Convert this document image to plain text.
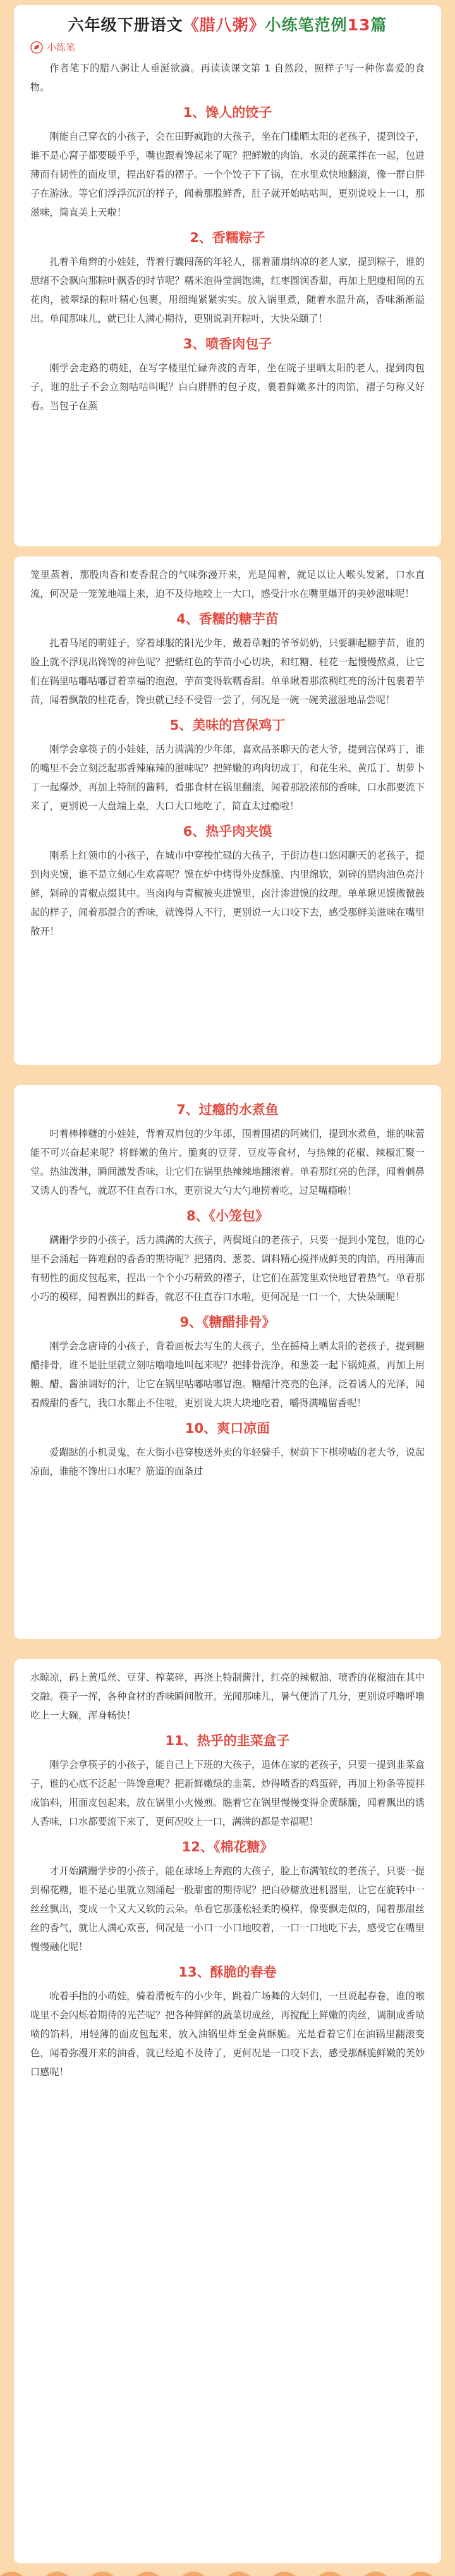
六年级下册语文《腊八粥》小练笔范例13篇
小练笔

作者笔下的腊八粥让人垂涎欲滴。再读读课文第 1 自然段，照样子写一种你喜爱的食物。

1、馋人的饺子

刚能自己穿衣的小孩子，会在田野疯跑的大孩子，坐在门槛晒太阳的老孩子，提到饺子，谁不是心窝子都要暖乎乎，嘴也跟着馋起来了呢？把鲜嫩的肉馅、水灵的蔬菜拌在一起，包进薄而有韧性的面皮里，捏出好看的褶子。一个个饺子下了锅，在水里欢快地翻滚，像一群白胖子在游泳。等它们浮浮沉沉的样子，闻着那股鲜香，肚子就开始咕咕叫，更别说咬上一口，那滋味，简直美上天啦！

2、香糯粽子

扎着羊角辫的小娃娃，背着行囊闯荡的年轻人，摇着蒲扇纳凉的老人家，提到粽子，谁的思绪不会飘向那粽叶飘香的时节呢？糯米泡得莹润饱满，红枣圆润香甜，再加上肥瘦相间的五花肉，被翠绿的粽叶精心包裹，用细绳紧紧实实。放入锅里煮，随着水温升高，香味渐渐溢出。单闻那味儿，就已让人满心期待，更别说剥开粽叶，大快朵颐了！

3、喷香肉包子

刚学会走路的萌娃，在写字楼里忙碌奔波的青年，坐在院子里晒太阳的老人，提到肉包子，谁的肚子不会立刻咕咕叫呢？白白胖胖的包子皮，裹着鲜嫩多汁的肉馅，褶子匀称又好看。当包子在蒸

笼里蒸着，那股肉香和麦香混合的气味弥漫开来，光是闻着，就足以让人喉头发紧，口水直流，何况是一笼笼地端上来，迫不及待地咬上一大口，感受汁水在嘴里爆开的美妙滋味呢！

4、香糯的糖芋苗

扎着马尾的萌娃子，穿着球服的阳光少年，戴着草帽的爷爷奶奶，只要聊起糖芋苗，谁的脸上就不浮现出馋馋的神色呢？把紫红色的芋苗小心切块，和红糖、桂花一起慢慢熬煮，让它们在锅里咕嘟咕嘟冒着幸福的泡泡，芋苗变得软糯香甜。单单瞅着那浓稠红亮的汤汁包裹着芋苗，闻着飘散的桂花香，馋虫就已经不受管一尝了，何况是一碗一碗美滋滋地品尝呢！

5、美味的宫保鸡丁

刚学会拿筷子的小娃娃，活力满满的少年郎，喜欢品茶聊天的老大爷，提到宫保鸡丁，谁的嘴里不会立刻泛起那香辣麻辣的滋味呢？把鲜嫩的鸡肉切成丁，和花生米、黄瓜丁、胡萝卜丁一起爆炒，再加上特制的酱料，看那食材在锅里翻滚，闻着那股浓郁的香味，口水都要流下来了，更别说一大盘端上桌，大口大口地吃了，简直太过瘾啦！

6、热乎肉夹馍

刚系上红领巾的小孩子，在城市中穿梭忙碌的大孩子，于街边巷口悠闲聊天的老孩子，提到肉夹馍，谁不是立刻心生欢喜呢？馍在炉中烤得外皮酥脆、内里绵软，剁碎的腊肉油色亮汁鲜，剁碎的青椒点缀其中。当卤肉与青椒被夹进馍里，卤汁渗进馍的纹理。单单瞅见馍微微鼓起的样子，闻着那混合的香味，就馋得人不行，更别说一大口咬下去，感受那鲜美滋味在嘴里散开！

7、过瘾的水煮鱼

叼着棒棒糖的小娃娃，背着双肩包的少年郎，围着围裙的阿姨们，提到水煮鱼，谁的味蕾能不可兴奋起来呢？将鲜嫩的鱼片、脆爽的豆芽、豆皮等食材，与热辣的花椒、辣椒汇聚一堂。热油泼淋，瞬间激发香味，让它们在锅里热辣辣地翻滚着。单看那红亮的色泽，闻着刺鼻又诱人的香气，就忍不住直吞口水，更别说大勺大勺地捞着吃，过足嘴瘾啦！

8、《小笼包》

蹒跚学步的小孩子，活力满满的大孩子，两鬓斑白的老孩子，只要一提到小笼包，谁的心里不会涌起一阵难耐的香香的期待呢？把猪肉、葱姜、调料精心搅拌成鲜美的肉馅，再用薄而有韧性的面皮包起来，捏出一个个小巧精致的褶子，让它们在蒸笼里欢快地冒着热气。单看那小巧的模样，闻着飘出的鲜香，就忍不住直吞口水啦，更何况是一口一个，大快朵颐呢！

9、《糖醋排骨》

刚学会念唐诗的小孩子，背着画板去写生的大孩子，坐在摇椅上晒太阳的老孩子，提到糖醋排骨，谁不是肚里就立刻咕噜噜地叫起来呢？把排骨洗净，和葱姜一起下锅炖煮，再加上用糖、醋、酱油调好的汁，让它在锅里咕嘟咕嘟冒泡。糖醋汁亮亮的色泽，泛着诱人的光泽，闻着酸甜的香气，我口水都止不住啦，更别说大块大块地吃着，嚼得满嘴留香呢！

10、爽口凉面

爱蹦跶的小机灵鬼，在大街小巷穿梭送外卖的年轻骑手，树荫下下棋唠嗑的老大爷，说起凉面，谁能不馋出口水呢？筋道的面条过

水晾凉，码上黄瓜丝、豆芽、榨菜碎，再浇上特制酱汁，红亮的辣椒油、喷香的花椒油在其中交融。筷子一挥，各种食材的香味瞬间散开。光闻那味儿，暑气便消了几分，更别说呼噜呼噜吃上一大碗，浑身畅快！

11、热乎的韭菜盒子

刚学会拿筷子的小孩子，能自己上下班的大孩子，退休在家的老孩子，只要一提到韭菜盒子，谁的心底不泛起一阵馋意呢？把新鲜嫩绿的韭菜、炒得喷香的鸡蛋碎，再加上粉条等搅拌成馅料，用面皮包起来，放在锅里小火慢煎。瞧着它在锅里慢慢变得金黄酥脆，闻着飘出的诱人香味，口水都要流下来了，更何况咬上一口，满满的都是幸福呢！

12、《棉花糖》

才开始蹒跚学步的小孩子，能在球场上奔跑的大孩子，脸上布满皱纹的老孩子，只要一提到棉花糖，谁不是心里就立刻涌起一股甜蜜的期待呢？把白砂糖放进机器里，让它在旋转中一丝丝飘出，变成一个又大又软的云朵。单看它那蓬松轻柔的模样，像要飘走似的，闻着那甜丝丝的香气，就让人满心欢喜，何况是一小口一小口地咬着，一口一口地吃下去，感受它在嘴里慢慢融化呢！

13、酥脆的春卷

吮着手指的小萌娃，骑着滑板车的小少年，跳着广场舞的大妈们，一旦说起春卷，谁的喉咙里不会闪烁着期待的光芒呢？把各种鲜鲜的蔬菜切成丝，再搅配上鲜嫩的肉丝，调制成香喷喷的馅料，用轻薄的面皮包起来，放入油锅里炸至金黄酥脆。光是看着它们在油锅里翻滚变色，闻着弥漫开来的油香，就已经迫不及待了，更何况是一口咬下去，感受那酥脆鲜嫩的美妙口感呢！
